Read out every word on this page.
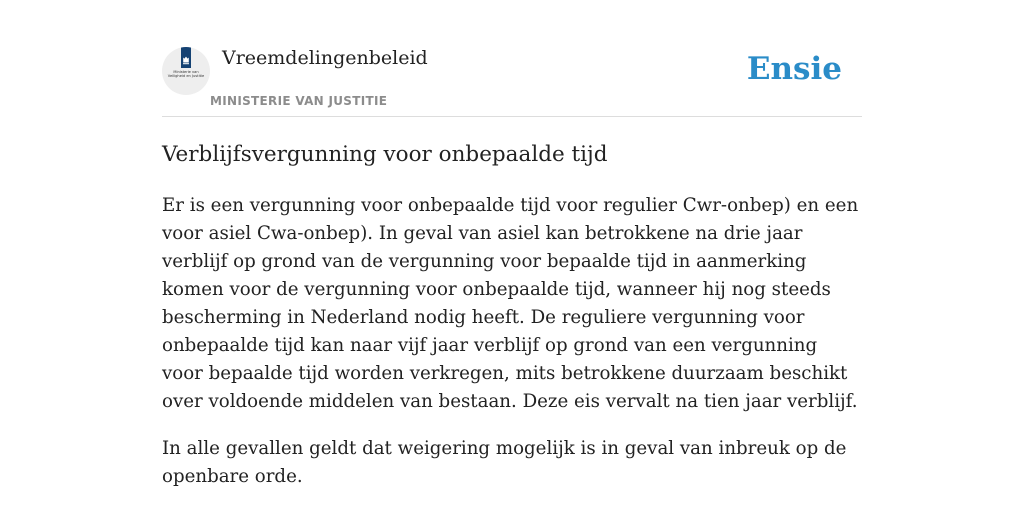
Ministerie van
Veiligheid en Justitie
Vreemdelingenbeleid
MINISTERIE VAN JUSTITIE
Ensie
Verblijfsvergunning voor onbepaalde tijd

Er is een vergunning voor onbepaalde tijd voor regulier Cwr-onbep) en een voor asiel Cwa-onbep). In geval van asiel kan betrokkene na drie jaar verblijf op grond van de vergunning voor bepaalde tijd in aanmerking komen voor de vergunning voor onbepaalde tijd, wanneer hij nog steeds bescherming in Nederland nodig heeft. De reguliere vergunning voor onbepaalde tijd kan naar vijf jaar verblijf op grond van een vergunning voor bepaalde tijd worden verkregen, mits betrokkene duurzaam beschikt over voldoende middelen van bestaan. Deze eis vervalt na tien jaar verblijf.

In alle gevallen geldt dat weigering mogelijk is in geval van inbreuk op de openbare orde.
